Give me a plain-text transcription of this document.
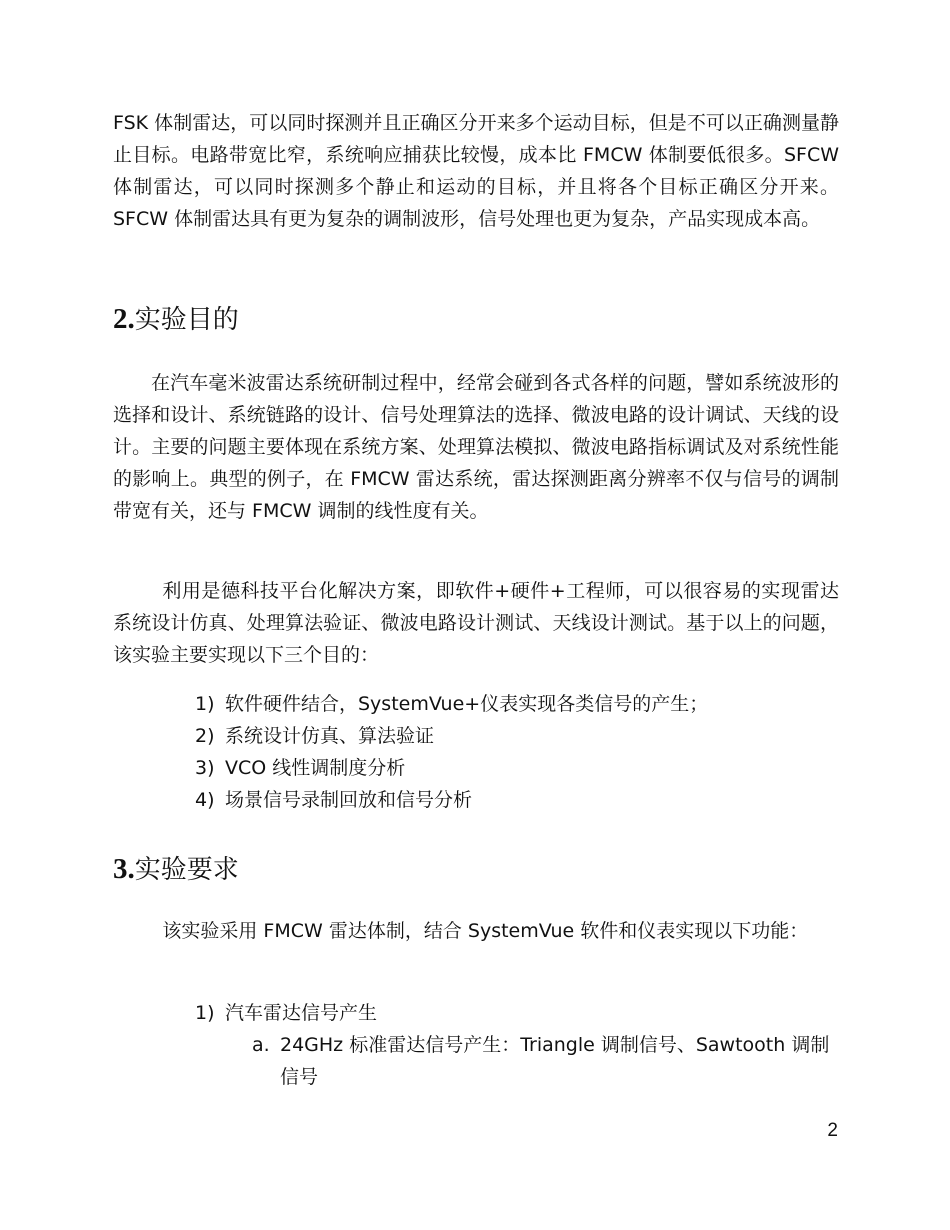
FSK 体制雷达，可以同时探测并且正确区分开来多个运动目标，但是不可以正确测量静止目标。电路带宽比窄，系统响应捕获比较慢，成本比 FMCW 体制要低很多。SFCW 体制雷达，可以同时探测多个静止和运动的目标，并且将各个目标正确区分开来。SFCW 体制雷达具有更为复杂的调制波形，信号处理也更为复杂，产品实现成本高。

2.实验目的

在汽车毫米波雷达系统研制过程中，经常会碰到各式各样的问题，譬如系统波形的选择和设计、系统链路的设计、信号处理算法的选择、微波电路的设计调试、天线的设计。主要的问题主要体现在系统方案、处理算法模拟、微波电路指标调试及对系统性能的影响上。典型的例子，在 FMCW 雷达系统，雷达探测距离分辨率不仅与信号的调制带宽有关，还与 FMCW 调制的线性度有关。

利用是德科技平台化解决方案，即软件+硬件+工程师，可以很容易的实现雷达系统设计仿真、处理算法验证、微波电路设计测试、天线设计测试。基于以上的问题，该实验主要实现以下三个目的：

1) 软件硬件结合，SystemVue+仪表实现各类信号的产生；
2) 系统设计仿真、算法验证
3) VCO 线性调制度分析
4) 场景信号录制回放和信号分析
3.实验要求

该实验采用 FMCW 雷达体制，结合 SystemVue 软件和仪表实现以下功能：

1) 汽车雷达信号产生
a. 24GHz 标准雷达信号产生：Triangle 调制信号、Sawtooth 调制信号

2
